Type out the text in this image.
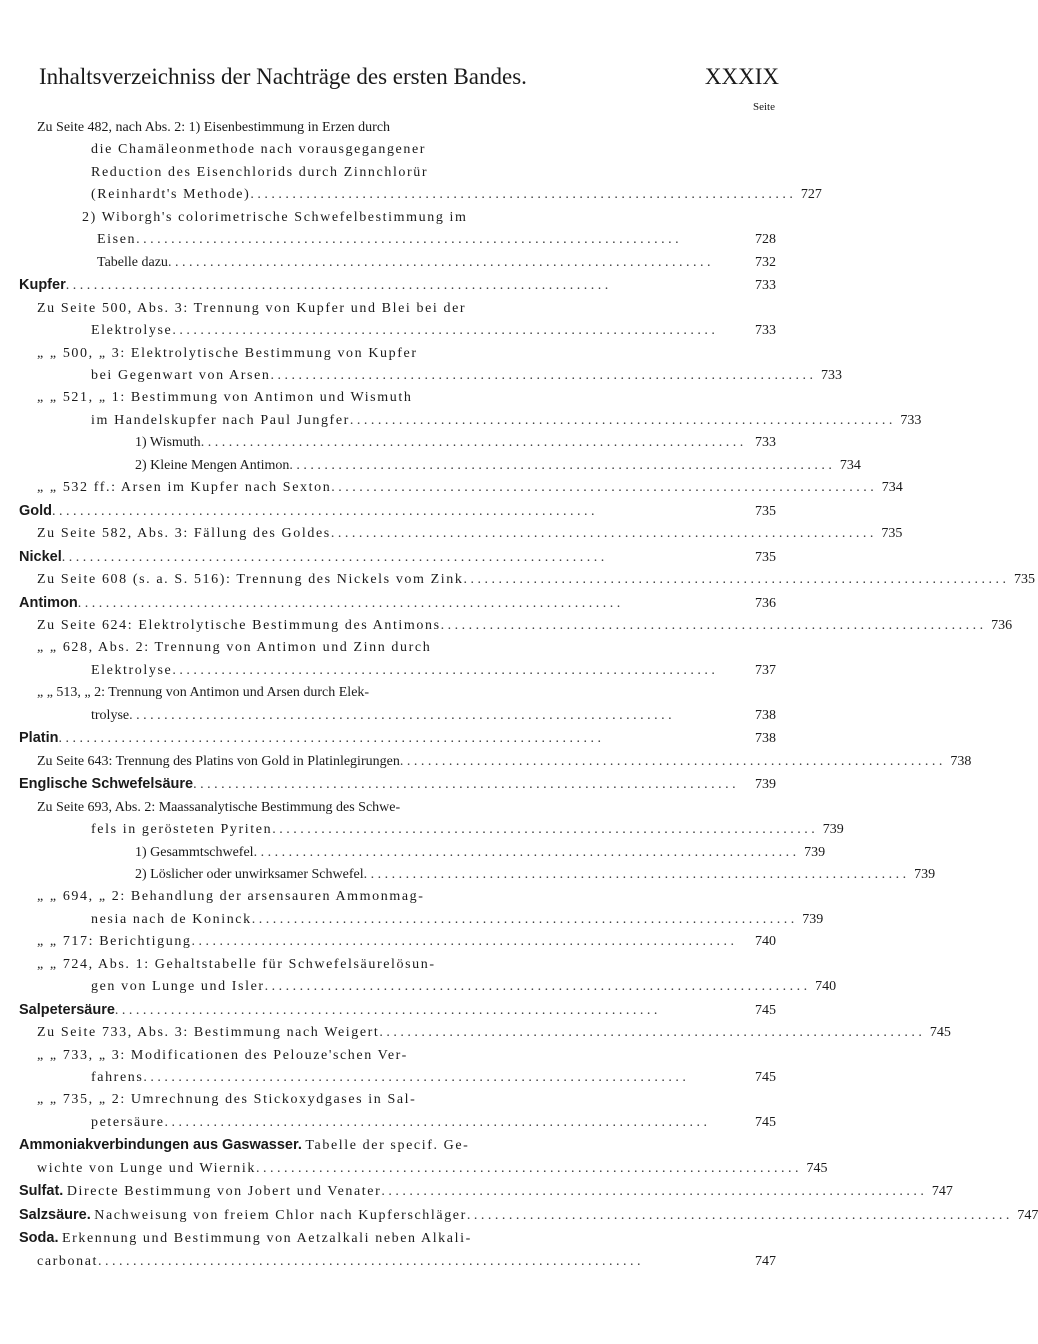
Inhaltsverzeichniss der Nachträge des ersten Bandes.	XXXIX
Seite
Zu Seite 482, nach Abs. 2: 1) Eisenbestimmung in Erzen durch
die Chamäleonmethode nach vorausgegangener
Reduction des Eisenchlorids durch Zinnchlorür
(Reinhardt's Methode) . . .	727
2) Wiborgh's colorimetrische Schwefelbestimmung im
Eisen . . .	728
Tabelle dazu . . .	732
Kupfer . . .	733
Zu Seite 500, Abs. 3: Trennung von Kupfer und Blei bei der
Elektrolyse . . .	733
„ „ 500, „ 3: Elektrolytische Bestimmung von Kupfer
bei Gegenwart von Arsen . . .	733
„ „ 521, „ 1: Bestimmung von Antimon und Wismuth
im Handelskupfer nach Paul Jungfer . . .	733
1) Wismuth . . .	733
2) Kleine Mengen Antimon . . .	734
„ „ 532 ff.: Arsen im Kupfer nach Sexton . . .	734
Gold . . .	735
Zu Seite 582, Abs. 3: Fällung des Goldes . . .	735
Nickel . . .	735
Zu Seite 608 (s. a. S. 516): Trennung des Nickels vom Zink . . .	735
Antimon . . .	736
Zu Seite 624: Elektrolytische Bestimmung des Antimons . . .	736
„ „ 628, Abs. 2: Trennung von Antimon und Zinn durch
Elektrolyse . . .	737
„ „ 513, „ 2: Trennung von Antimon und Arsen durch Elek-
trolyse . . .	738
Platin . . .	738
Zu Seite 643: Trennung des Platins von Gold in Platinlegirungen . . .	738
Englische Schwefelsäure . . .	739
Zu Seite 693, Abs. 2: Maassanalytische Bestimmung des Schwe-
fels in gerösteten Pyriten . . .	739
1) Gesammtschwefel . . .	739
2) Löslicher oder unwirksamer Schwefel . . .	739
„ „ 694, „ 2: Behandlung der arsensauren Ammonmag-
nesia nach de Koninck . . .	739
„ „ 717: Berichtigung . . .	740
„ „ 724, Abs. 1: Gehaltstabelle für Schwefelsäurelösun-
gen von Lunge und Isler . . .	740
Salpetersäure . . .	745
Zu Seite 733, Abs. 3: Bestimmung nach Weigert . . .	745
„ „ 733, „ 3: Modificationen des Pelouze'schen Ver-
fahrens . . .	745
„ „ 735, „ 2: Umrechnung des Stickoxydgases in Sal-
petersäure . . .	745
Ammoniakverbindungen aus Gaswasser. Tabelle der specif. Ge-
wichte von Lunge und Wiernik . . .	745
Sulfat. Directe Bestimmung von Jobert und Venater . . .	747
Salzsäure. Nachweisung von freiem Chlor nach Kupferschläger . . .	747
Soda. Erkennung und Bestimmung von Aetzalkali neben Alkali-
carbonat . . .	747
